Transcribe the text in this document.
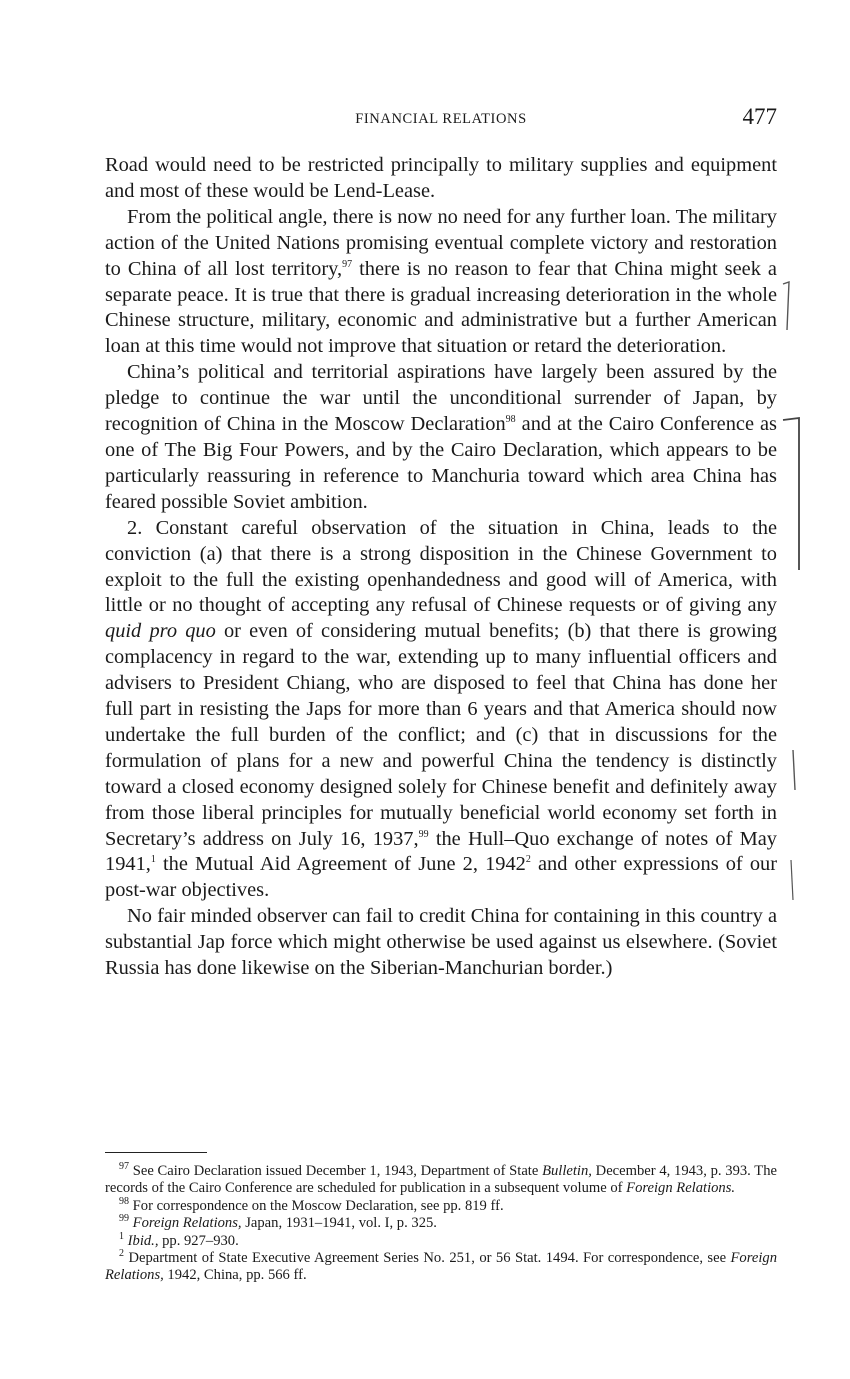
FINANCIAL RELATIONS	477

Road would need to be restricted principally to military supplies and equipment and most of these would be Lend-Lease.

From the political angle, there is now no need for any further loan. The military action of the United Nations promising eventual complete victory and restoration to China of all lost territory,$^{97}$ there is no reason to fear that China might seek a separate peace. It is true that there is gradual increasing deterioration in the whole Chinese structure, military, economic and administrative but a further American loan at this time would not improve that situation or retard the deterioration.

China’s political and territorial aspirations have largely been assured by the pledge to continue the war until the unconditional surrender of Japan, by recognition of China in the Moscow Declaration$^{98}$ and at the Cairo Conference as one of The Big Four Powers, and by the Cairo Declaration, which appears to be particularly reassuring in reference to Manchuria toward which area China has feared possible Soviet ambition.

2. Constant careful observation of the situation in China, leads to the conviction (a) that there is a strong disposition in the Chinese Government to exploit to the full the existing openhandedness and good will of America, with little or no thought of accepting any refusal of Chinese requests or of giving any quid pro quo or even of considering mutual benefits; (b) that there is growing complacency in regard to the war, extending up to many influential officers and advisers to President Chiang, who are disposed to feel that China has done her full part in resisting the Japs for more than 6 years and that America should now undertake the full burden of the conflict; and (c) that in discussions for the formulation of plans for a new and powerful China the tendency is distinctly toward a closed economy designed solely for Chinese benefit and definitely away from those liberal principles for mutually beneficial world economy set forth in Secretary’s address on July 16, 1937,99 the Hull–Quo exchange of notes of May 1941,$^1$ the Mutual Aid Agreement of June 2, 1942$^2$ and other expressions of our post-war objectives.

No fair minded observer can fail to credit China for containing in this country a substantial Jap force which might otherwise be used against us elsewhere. (Soviet Russia has done likewise on the Siberian-Manchurian border.)

$^{97}$ See Cairo Declaration issued December 1, 1943, Department of State Bulletin, December 4, 1943, p. 393. The records of the Cairo Conference are scheduled for publication in a subsequent volume of Foreign Relations.

$^{98}$ For correspondence on the Moscow Declaration, see pp. 819 ff.

$^{99}$ Foreign Relations, Japan, 1931–1941, vol. I, p. 325.

$^1$ Ibid., pp. 927–930.

$^2$ Department of State Executive Agreement Series No. 251, or 56 Stat. 1494. For correspondence, see Foreign Relations, 1942, China, pp. 566 ff.
